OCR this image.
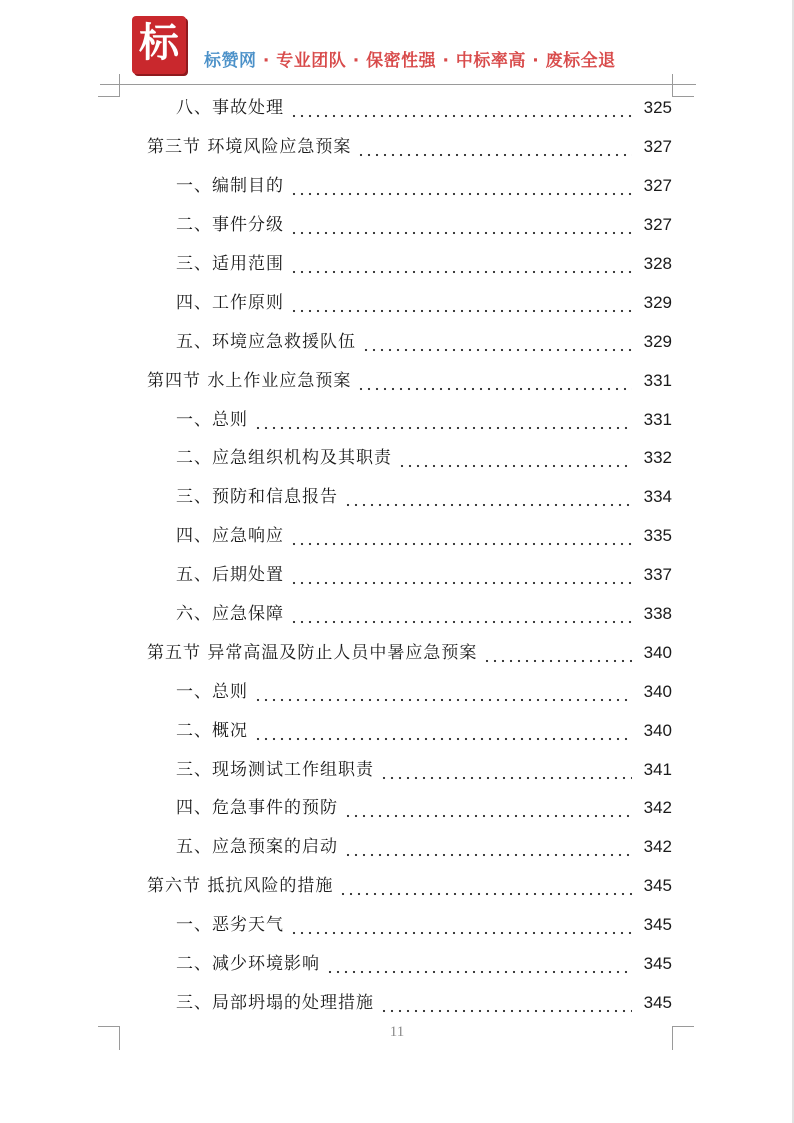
标	标赞网 · 专业团队 · 保密性强 · 中标率高 · 废标全退
八、事故处理	325
第三节 环境风险应急预案	327
一、编制目的	327
二、事件分级	327
三、适用范围	328
四、工作原则	329
五、环境应急救援队伍	329
第四节 水上作业应急预案	331
一、总则	331
二、应急组织机构及其职责	332
三、预防和信息报告	334
四、应急响应	335
五、后期处置	337
六、应急保障	338
第五节 异常高温及防止人员中暑应急预案	340
一、总则	340
二、概况	340
三、现场测试工作组职责	341
四、危急事件的预防	342
五、应急预案的启动	342
第六节 抵抗风险的措施	345
一、恶劣天气	345
二、减少环境影响	345
三、局部坍塌的处理措施	345
11
